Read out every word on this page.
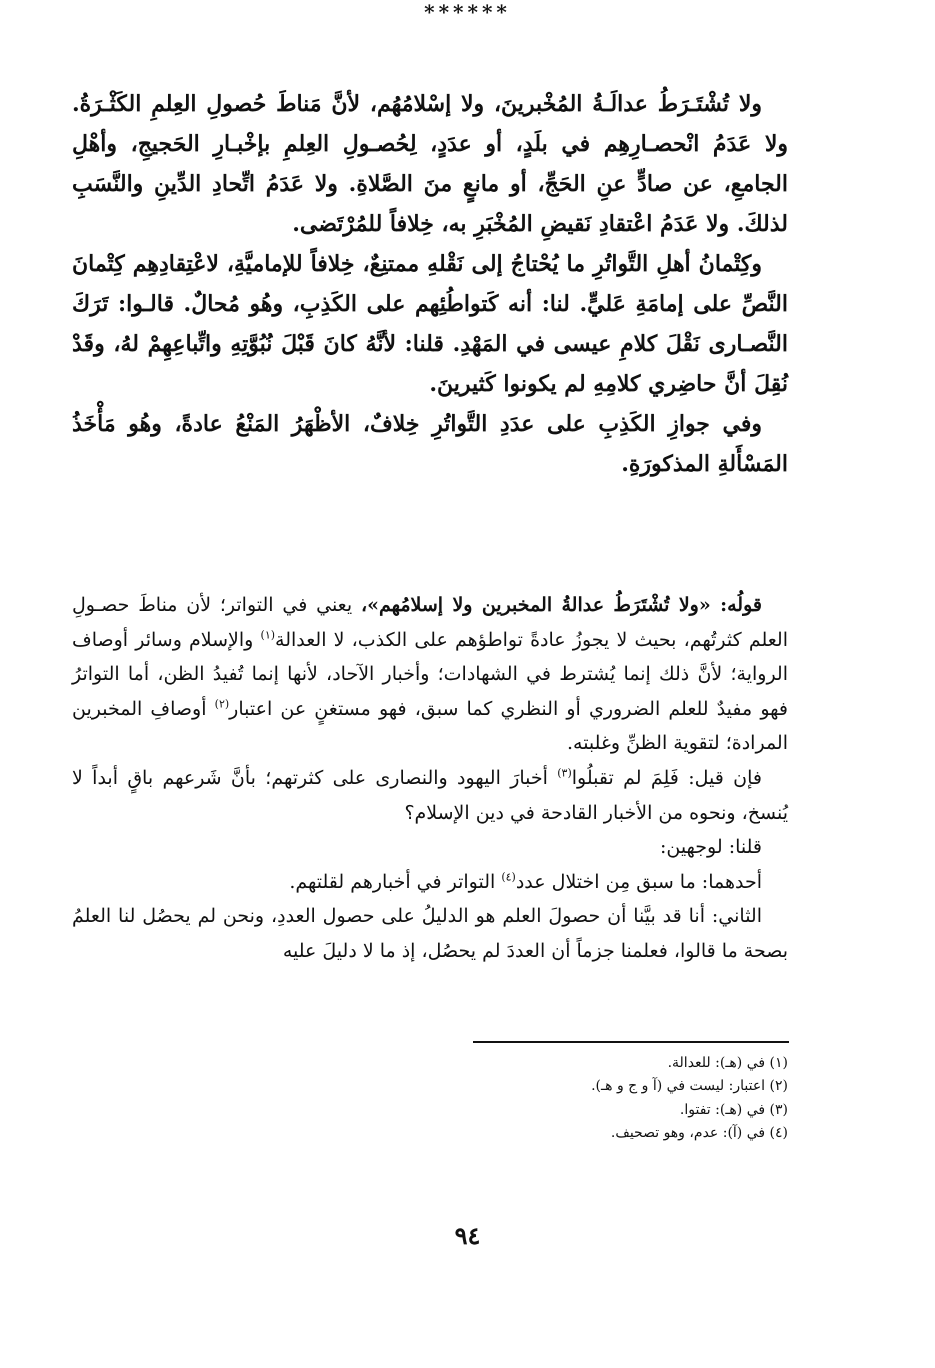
ولا تُشْتَـرَطُ عدالَـةُ المُخْبرينَ، ولا إسْلامُهُم، لأنَّ مَناطَ حُصولِ العِلمِ الكَثْـرَةُ. ولا عَدَمُ انْحصـارِهِم في بلَدٍ، أو عدَدٍ، لِحُصـولِ العِلمِ بإخْبـارِ الحَجيجِ، وأهْلِ الجامعِ، عن صادٍّ عنِ الحَجِّ، أو مانعٍ منَ الصَّلاةِ. ولا عَدَمُ اتِّحادِ الدِّينِ والنَّسَبِ لذلكَ. ولا عَدَمُ اعْتقادِ نَقيضِ المُخْبَرِ به، خِلافاً للمُرْتَضى.

وكِتْمانُ أهلِ التَّواتُرِ ما يُحْتاجُ إلى نَقْلهِ ممتنِعٌ، خِلافاً للإماميَّةِ، لاعْتِقادِهِم كِتْمانَ النَّصِّ على إمامَةِ عَليٍّ. لنا: أنه كَتواطُئِهم على الكَذِبِ، وهُو مُحالٌ. قالـوا: تَرَكَ النَّصـارى نَقْلَ كلامِ عيسى في المَهْدِ. قلنا: لأنَّهُ كانَ قَبْلَ نُبُوَّتِهِ واتِّباعِهِمْ لهُ، وقَدْ نُقِلَ أنَّ حاضِري كلامِهِ لم يكونوا كَثيرينَ.

وفي جوازِ الكَذِبِ على عدَدِ التَّواتُرِ خِلافٌ، الأظْهَرُ المَنْعُ عادةً، وهُو مَأْخَذُ المَسْأَلةِ المذكورَةِ.

******

قولُه: «ولا تُشْتَرَطُ عدالةُ المخبرين ولا إسلامُهم»، يعني في التواتر؛ لأن مناطَ حصـولِ العلم كثرتُهم، بحيث لا يجوزُ عادةً تواطؤهم على الكذب، لا العدالة$^{(١)}$ والإسلام وسائر أوصاف الرواية؛ لأنَّ ذلك إنما يُشترط في الشهادات؛ وأخبار الآحاد، لأنها إنما تُفيدُ الظن، أما التواترُ فهو مفيدٌ للعلم الضروري أو النظري كما سبق، فهو مستغنٍ عن اعتبار$^{(٢)}$ أوصافِ المخبرين المرادة؛ لتقوية الظنِّ وغلبته.

فإن قيل: فَلِمَ لم تقبلُوا$^{(٣)}$ أخبارَ اليهود والنصارى على كثرتهم؛ بأنَّ شَرعهم باقٍ أبداً لا يُنسخ، ونحوه من الأخبار القادحة في دين الإسلام؟

قلنا: لوجهين:

أحدهما: ما سبق مِن اختلال عدد$^{(٤)}$ التواتر في أخبارهم لقلتهم.

الثاني: أنا قد بيَّنا أن حصولَ العلم هو الدليلُ على حصول العددِ، ونحن لم يحصُل لنا العلمُ بصحة ما قالوا، فعلمنا جزماً أن العددَ لم يحصُل، إذ ما لا دليلَ عليه

(١) في (هـ): للعدالة.
(٢) اعتبار: ليست في (آ و ج و هـ).
(٣) في (هـ): تفتوا.
(٤) في (آ): عدم، وهو تصحيف.
٩٤
